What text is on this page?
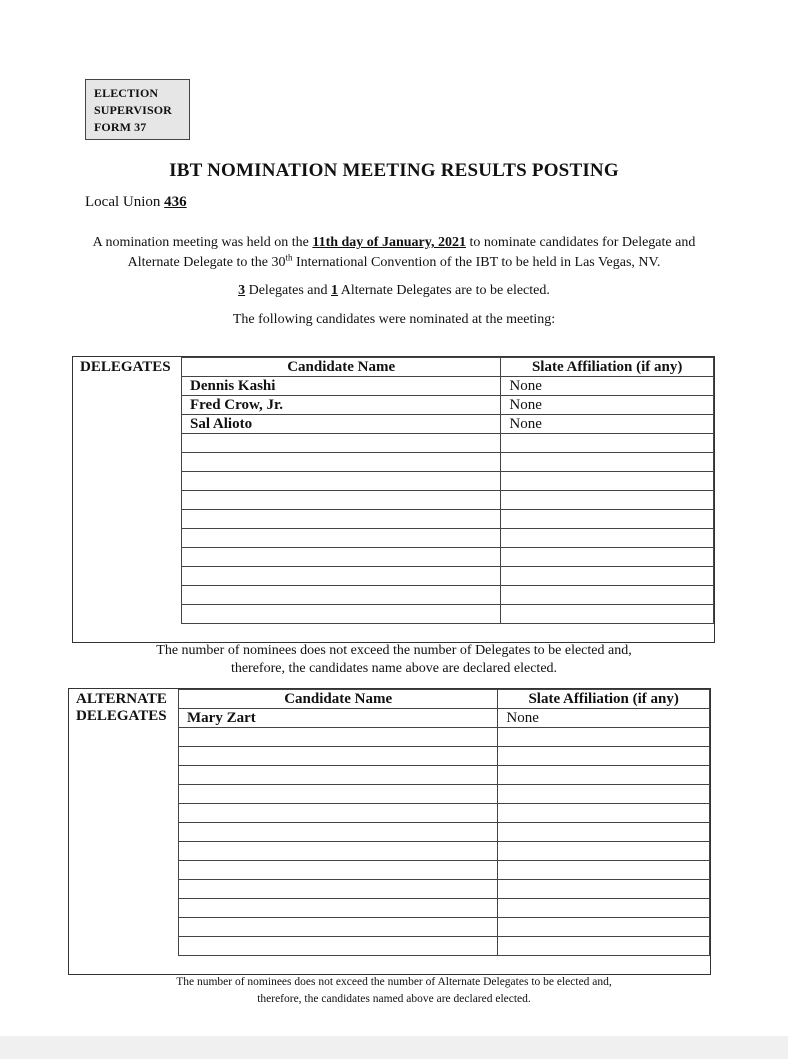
ELECTION
SUPERVISOR
FORM 37
IBT NOMINATION MEETING RESULTS POSTING
Local Union 436
A nomination meeting was held on the 11th day of January, 2021 to nominate candidates for Delegate and
Alternate Delegate to the 30th International Convention of the IBT to be held in Las Vegas, NV.
3 Delegates and 1 Alternate Delegates are to be elected.
The following candidates were nominated at the meeting:
DELEGATES	Candidate Name	Slate Affiliation (if any)
Dennis Kashi	None
Fred Crow, Jr.	None
Sal Alioto	None

The number of nominees does not exceed the number of Delegates to be elected and,
therefore, the candidates name above are declared elected.
ALTERNATE
DELEGATES
Candidate Name	Slate Affiliation (if any)
Mary Zart	None

The number of nominees does not exceed the number of Alternate Delegates to be elected and,
therefore, the candidates named above are declared elected.
